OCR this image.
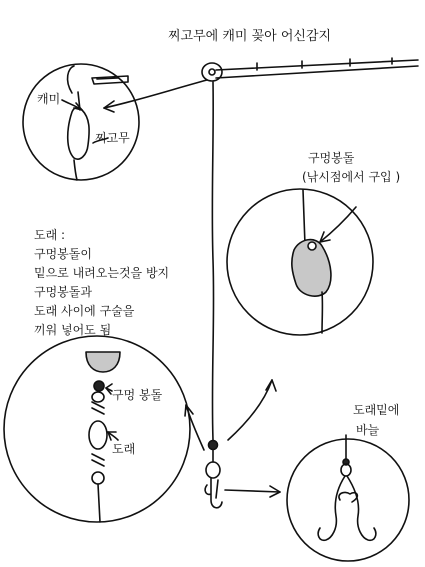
찌고무에 캐미 꽂아 어신감지
캐미
찌고무
구멍봉돌
(낚시점에서 구입 )
도래 :
구멍봉돌이
밑으로 내려오는것을 방지
구멍봉돌과
도래 사이에 구술을
끼워 넣어도 됨
구멍 봉돌
도래
도래밑에
바늘
